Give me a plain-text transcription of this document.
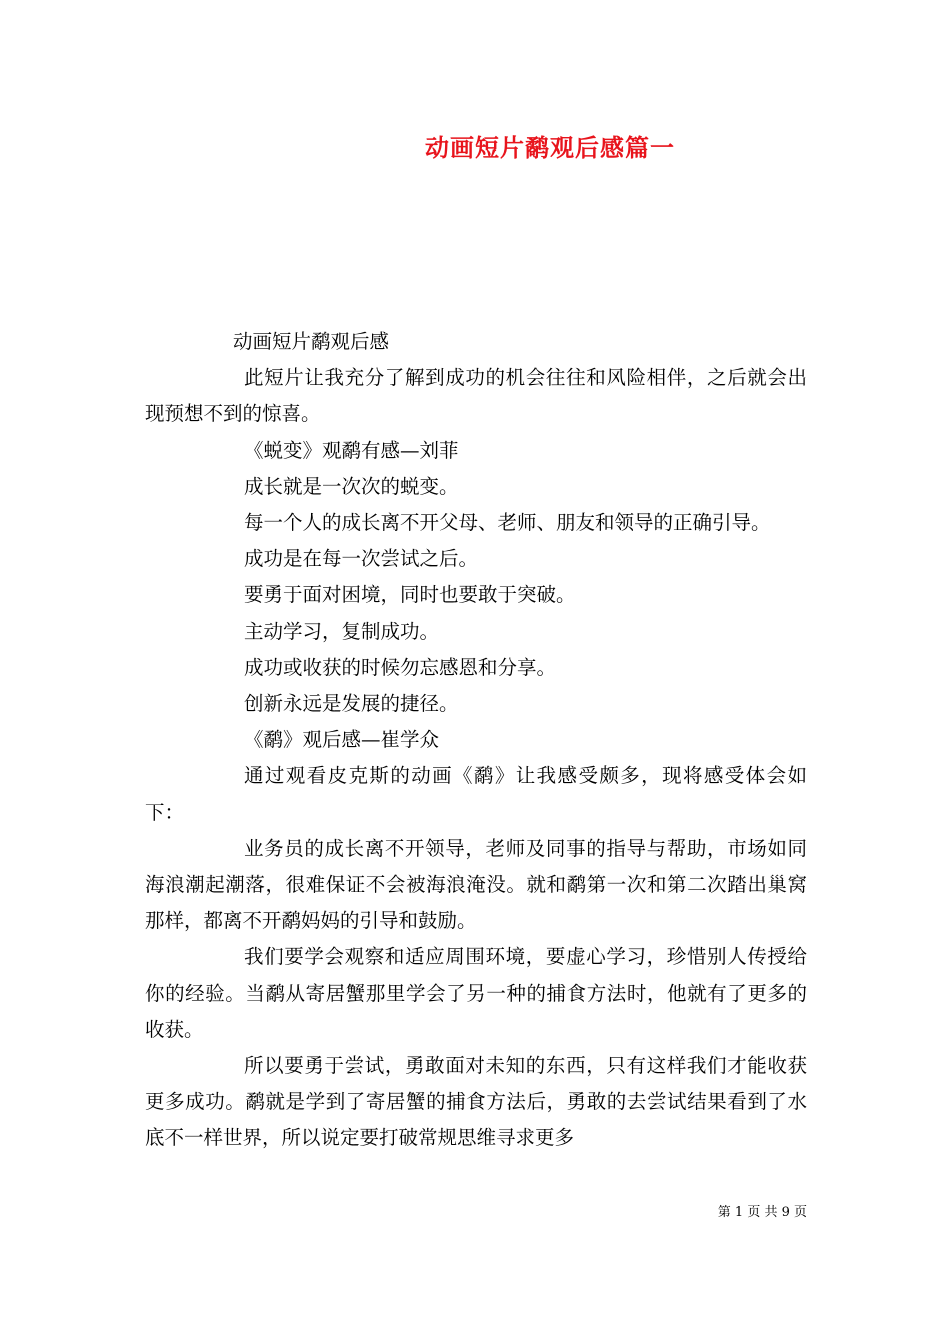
动画短片鹬观后感篇一

动画短片鹬观后感

此短片让我充分了解到成功的机会往往和风险相伴，之后就会出现预想不到的惊喜。

《蜕变》观鹬有感—刘菲

成长就是一次次的蜕变。

每一个人的成长离不开父母、老师、朋友和领导的正确引导。

成功是在每一次尝试之后。

要勇于面对困境，同时也要敢于突破。

主动学习，复制成功。

成功或收获的时候勿忘感恩和分享。

创新永远是发展的捷径。

《鹬》观后感—崔学众

通过观看皮克斯的动画《鹬》让我感受颇多，现将感受体会如下：

业务员的成长离不开领导，老师及同事的指导与帮助，市场如同海浪潮起潮落，很难保证不会被海浪淹没。就和鹬第一次和第二次踏出巢窝那样，都离不开鹬妈妈的引导和鼓励。

我们要学会观察和适应周围环境，要虚心学习，珍惜别人传授给你的经验。当鹬从寄居蟹那里学会了另一种的捕食方法时，他就有了更多的收获。

所以要勇于尝试，勇敢面对未知的东西，只有这样我们才能收获更多成功。鹬就是学到了寄居蟹的捕食方法后，勇敢的去尝试结果看到了水底不一样世界，所以说定要打破常规思维寻求更多

第 1 页 共 9 页
